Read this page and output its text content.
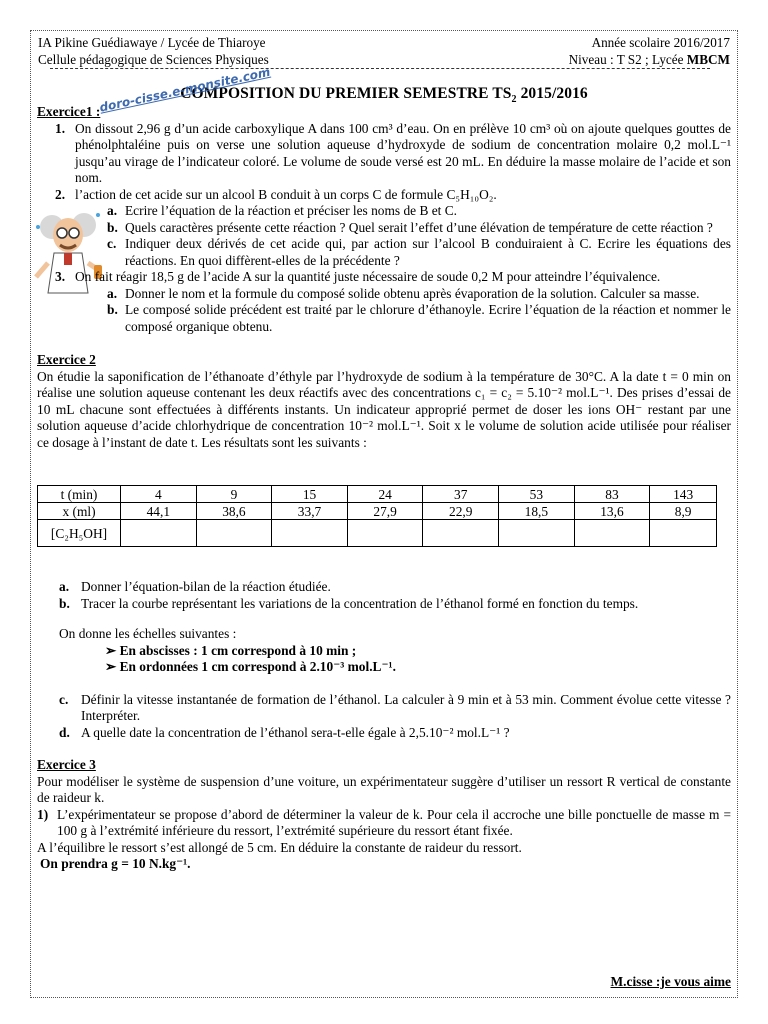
IA Pikine Guédiawaye / Lycée de Thiaroye	Année scolaire 2016/2017
Cellule pédagogique de Sciences Physiques	Niveau : T S2 ; Lycée MBCM
COMPOSITION DU PREMIER SEMESTRE $TS_2$ 2015/2016
doro-cisse.e-monsite.com
Exercice1 :
1. On dissout 2,96 g d’un acide carboxylique A dans 100 cm³ d’eau. On en prélève 10 cm³ où on ajoute quelques gouttes de phénolphtaléine puis on verse une solution aqueuse d’hydroxyde de sodium de concentration molaire 0,2 mol.L⁻¹ jusqu’au virage de l’indicateur coloré. Le volume de soude versé est 20 mL. En déduire la masse molaire de l’acide et son nom.

2. l’action de cet acide sur un alcool B conduit à un corps C de formule C₅H₁₀O₂.

a. Ecrire l’équation de la réaction et préciser les noms de B et C.

b. Quels caractères présente cette réaction ? Quel serait l’effet d’une élévation de température de cette réaction ?

c. Indiquer deux dérivés de cet acide qui, par action sur l’alcool B conduiraient à C. Ecrire les équations des réactions. En quoi diffèrent-elles de la précédente ?

3. On fait réagir 18,5 g de l’acide A sur la quantité juste nécessaire de soude 0,2 M pour atteindre l’équivalence.

a. Donner le nom et la formule du composé solide obtenu après évaporation de la solution. Calculer sa masse.

b. Le composé solide précédent est traité par le chlorure d’éthanoyle. Ecrire l’équation de la réaction et nommer le composé organique obtenu.

Exercice 2

On étudie la saponification de l’éthanoate d’éthyle par l’hydroxyde de sodium à la température de 30°C. A la date t = 0 min on réalise une solution aqueuse contenant les deux réactifs avec des concentrations c₁ = c₂ = 5.10⁻² mol.L⁻¹. Des prises d’essai de 10 mL chacune sont effectuées à différents instants. Un indicateur approprié permet de doser les ions OH⁻ restant par une solution aqueuse d’acide chlorhydrique de concentration 10⁻² mol.L⁻¹. Soit x le volume de solution acide utilisée pour réaliser ce dosage à l’instant de date t. Les résultats sont les suivants :

t (min)	4	9	15	24	37	53	83	143
x (ml)	44,1	38,6	33,7	27,9	22,9	18,5	13,6	8,9
[C₂H₅OH]								
a. Donner l’équation-bilan de la réaction étudiée.

b. Tracer la courbe représentant les variations de la concentration de l’éthanol formé en fonction du temps.

On donne les échelles suivantes :

➢ En abscisses : 1 cm correspond à 10 min ;
➢ En ordonnées 1 cm correspond à 2.10⁻³ mol.L⁻¹.
c. Définir la vitesse instantanée de formation de l’éthanol. La calculer à 9 min et à 53 min. Comment évolue cette vitesse ? Interpréter.

d. A quelle date la concentration de l’éthanol sera-t-elle égale à 2,5.10⁻² mol.L⁻¹ ?

Exercice 3

Pour modéliser le système de suspension d’une voiture, un expérimentateur suggère d’utiliser un ressort R vertical de constante de raideur k.

1) L’expérimentateur se propose d’abord de déterminer la valeur de k. Pour cela il accroche une bille ponctuelle de masse m = 100 g à l’extrémité inférieure du ressort, l’extrémité supérieure du ressort étant fixée.

A l’équilibre le ressort s’est allongé de 5 cm. En déduire la constante de raideur du ressort.

On prendra g = 10 N.kg⁻¹.

M.cisse :je vous aime
